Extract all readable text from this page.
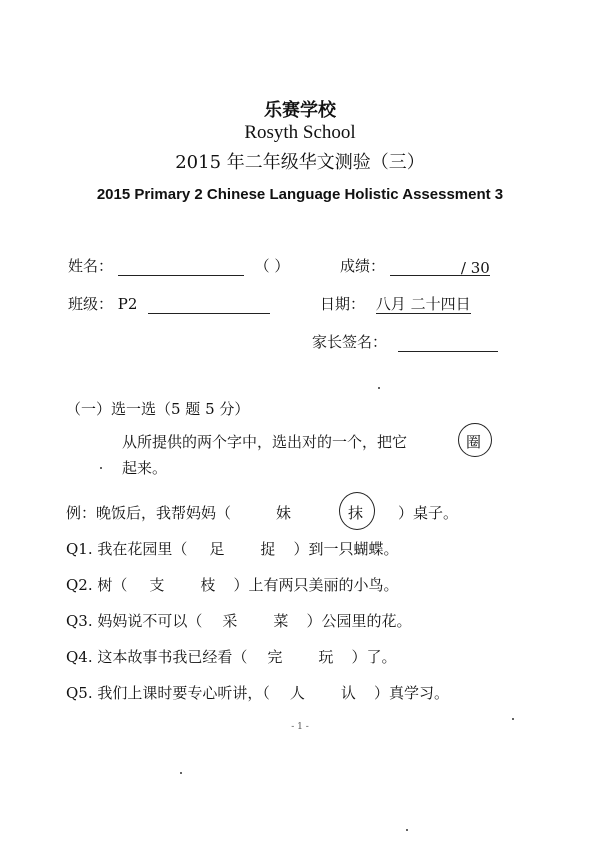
乐赛学校
Rosyth School
2015 年二年级华文测验（三）
2015 Primary 2 Chinese Language Holistic Assessment 3
姓名：	（ ）	成绩：	/ 30
班级： P2	日期： 八月 二十四日
家长签名：
（一）选一选（5 题 5 分）
从所提供的两个字中，选出对的一个，把它	圈
起来。
例：晚饭后，我帮妈妈（	妹	抹 ）桌子。
Q1. 我在花园里（ 足 捉 ）到一只蝴蝶。
Q2. 树（ 支 枝 ）上有两只美丽的小鸟。
Q3. 妈妈说不可以（ 采 菜 ）公园里的花。
Q4. 这本故事书我已经看（ 完 玩 ）了。
Q5. 我们上课时要专心听讲，（ 人 认 ）真学习。
- 1 -
